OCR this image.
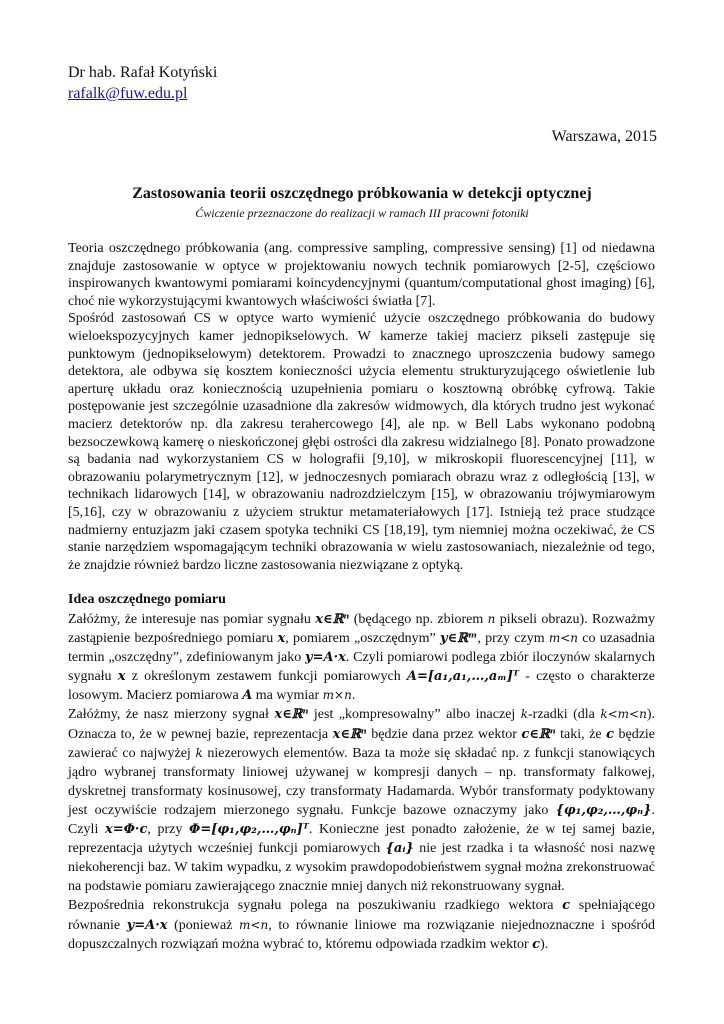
Dr hab. Rafał Kotyński
rafalk@fuw.edu.pl
Warszawa, 2015
Zastosowania teorii oszczędnego próbkowania w detekcji optycznej
Ćwiczenie przeznaczone do realizacji w ramach III pracowni fotoniki

Teoria oszczędnego próbkowania (ang. compressive sampling, compressive sensing) [1] od niedawna znajduje zastosowanie w optyce w projektowaniu nowych technik pomiarowych [2-5], częściowo inspirowanych kwantowymi pomiarami koincydencyjnymi (quantum/computational ghost imaging) [6], choć nie wykorzystującymi kwantowych właściwości światła [7].

Spośród zastosowań CS w optyce warto wymienić użycie oszczędnego próbkowania do budowy wieloekspozycyjnych kamer jednopikselowych. W kamerze takiej macierz pikseli zastępuje się punktowym (jednopikselowym) detektorem. Prowadzi to znacznego uproszczenia budowy samego detektora, ale odbywa się kosztem konieczności użycia elementu strukturyzującego oświetlenie lub aperturę układu oraz koniecznością uzupełnienia pomiaru o kosztowną obróbkę cyfrową. Takie postępowanie jest szczególnie uzasadnione dla zakresów widmowych, dla których trudno jest wykonać macierz detektorów np. dla zakresu terahercowego [4], ale np. w Bell Labs wykonano podobną bezsoczewkową kamerę o nieskończonej głębi ostrości dla zakresu widzialnego [8]. Ponato prowadzone są badania nad wykorzystaniem CS w holografii [9,10], w mikroskopii fluorescencyjnej [11], w obrazowaniu polarymetrycznym [12], w jednoczesnych pomiarach obrazu wraz z odległością [13], w technikach lidarowych [14], w obrazowaniu nadrozdzielczym [15], w obrazowaniu trójwymiarowym [5,16], czy w obrazowaniu z użyciem struktur metamateriałowych [17]. Istnieją też prace studzące nadmierny entuzjazm jaki czasem spotyka techniki CS [18,19], tym niemniej można oczekiwać, że CS stanie narzędziem wspomagającym techniki obrazowania w wielu zastosowaniach, niezależnie od tego, że znajdzie również bardzo liczne zastosowania niezwiązane z optyką.

Idea oszczędnego pomiaru

Załóżmy, że interesuje nas pomiar sygnału x∈ℝⁿ (będącego np. zbiorem n pikseli obrazu). Rozważmy zastąpienie bezpośredniego pomiaru x, pomiarem „oszczędnym” y∈ℝᵐ, przy czym m<n co uzasadnia termin „oszczędny”, zdefiniowanym jako y=A·x. Czyli pomiarowi podlega zbiór iloczynów skalarnych sygnału x z określonym zestawem funkcji pomiarowych A=[a₁,a₁,…,aₘ]ᵀ - często o charakterze losowym. Macierz pomiarowa A ma wymiar m×n.

Załóżmy, że nasz mierzony sygnał x∈ℝⁿ jest „kompresowalny” albo inaczej k-rzadki (dla k<m<n). Oznacza to, że w pewnej bazie, reprezentacja x∈ℝⁿ będzie dana przez wektor c∈ℝⁿ taki, że c będzie zawierać co najwyżej k niezerowych elementów. Baza ta może się składać np. z funkcji stanowiących jądro wybranej transformaty liniowej używanej w kompresji danych – np. transformaty falkowej, dyskretnej transformaty kosinusowej, czy transformaty Hadamarda. Wybór transformaty podyktowany jest oczywiście rodzajem mierzonego sygnału. Funkcje bazowe oznaczymy jako {φ₁,φ₂,…,φₙ}. Czyli x=Φ·c, przy Φ=[φ₁,φ₂,…,φₙ]ᵀ. Konieczne jest ponadto założenie, że w tej samej bazie, reprezentacja użytych wcześniej funkcji pomiarowych {aᵢ} nie jest rzadka i ta własność nosi nazwę niekoherencji baz. W takim wypadku, z wysokim prawdopodobieństwem sygnał można zrekonstruować na podstawie pomiaru zawierającego znacznie mniej danych niż rekonstruowany sygnał.

Bezpośrednia rekonstrukcja sygnału polega na poszukiwaniu rzadkiego wektora c spełniającego równanie y=A·x (ponieważ m<n, to równanie liniowe ma rozwiązanie niejednoznaczne i spośród dopuszczalnych rozwiązań można wybrać to, któremu odpowiada rzadkim wektor c).
